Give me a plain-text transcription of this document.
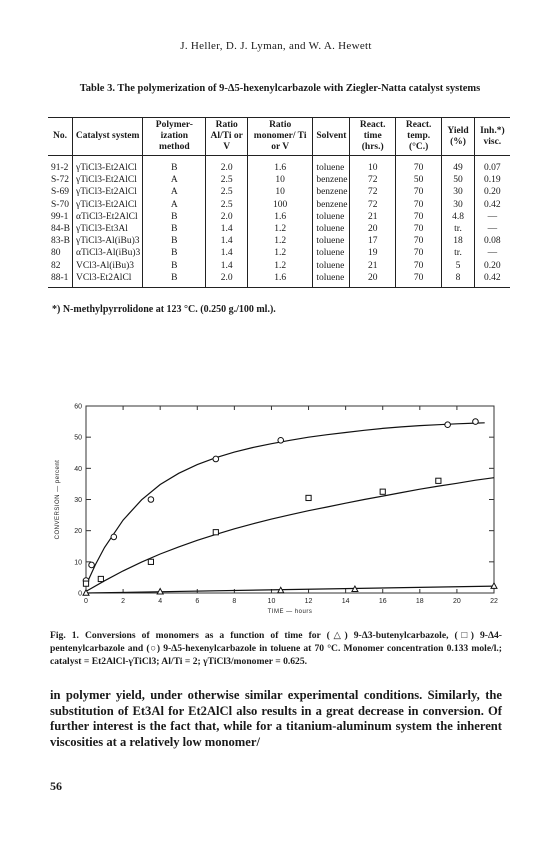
J. Heller, D. J. Lyman, and W. A. Hewett
Table 3. The polymerization of 9-Δ5-hexenylcarbazole with Ziegler-Natta catalyst systems
No.	Catalyst system	Polymer- ization method	Ratio Al/Ti or V	Ratio monomer/ Ti or V	Solvent	React. time (hrs.)	React. temp. (°C.)	Yield (%)	Inh.*) visc.
91-2	γTiCl3-Et2AlCl	B	2.0	1.6	toluene	10	70	49	0.07
S-72	γTiCl3-Et2AlCl	A	2.5	10	benzene	72	50	50	0.19
S-69	γTiCl3-Et2AlCl	A	2.5	10	benzene	72	70	30	0.20
S-70	γTiCl3-Et2AlCl	A	2.5	100	benzene	72	70	30	0.42
99-1	αTiCl3-Et2AlCl	B	2.0	1.6	toluene	21	70	4.8	—
84-B	γTiCl3-Et3Al	B	1.4	1.2	toluene	20	70	tr.	—
83-B	γTiCl3-Al(iBu)3	B	1.4	1.2	toluene	17	70	18	0.08
80	αTiCl3-Al(iBu)3	B	1.4	1.2	toluene	19	70	tr.	—
82	VCl3-Al(iBu)3	B	1.4	1.2	toluene	21	70	5	0.20
88-1	VCl3-Et2AlCl	B	2.0	1.6	toluene	20	70	8	0.42
*) N-methylpyrrolidone at 123 °C. (0.250 g./100 ml.).
0	2	4	6	8	10	12	14	16	18	20	22
0
10
20
30
40
50
60
TIME — hours
CONVERSION — percent
Fig. 1. Conversions of monomers as a function of time for (△) 9-Δ3-butenylcarbazole, (□) 9-Δ4-pentenylcarbazole and (○) 9-Δ5-hexenylcarbazole in toluene at 70 °C. Monomer concentration 0.133 mole/l.; catalyst = Et2AlCl-γTiCl3; Al/Ti = 2; γTiCl3/monomer = 0.625.

in polymer yield, under otherwise similar experimental conditions. Similarly, the substitution of Et3Al for Et2AlCl also results in a great decrease in conversion. Of further interest is the fact that, while for a titanium-aluminum system the inherent viscosities at a relatively low monomer/

56
